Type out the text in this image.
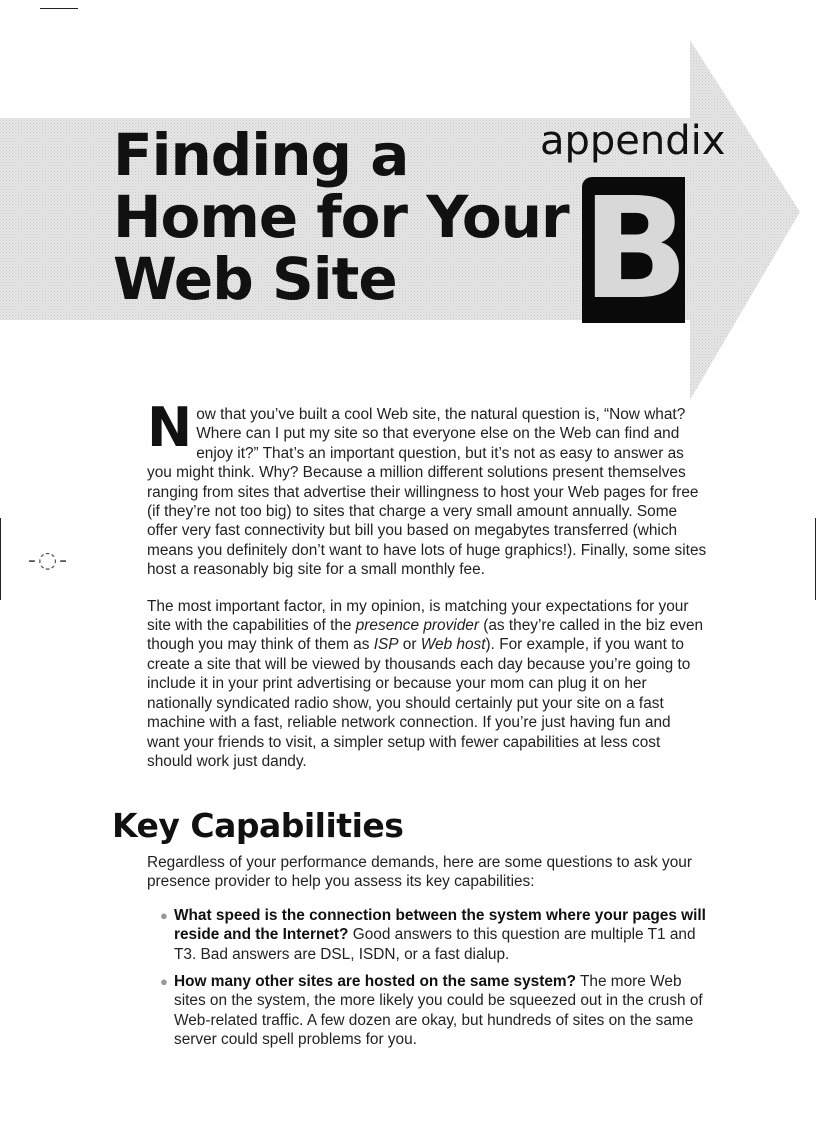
-◌-
Finding a
Home for Your
Web Site
appendix
B

Now that you’ve built a cool Web site, the natural question is, “Now what? Where can I put my site so that everyone else on the Web can find and enjoy it?” That’s an important question, but it’s not as easy to answer as you might think. Why? Because a million different solutions present themselves ranging from sites that advertise their willingness to host your Web pages for free (if they’re not too big) to sites that charge a very small amount annually. Some offer very fast connectivity but bill you based on megabytes transferred (which means you definitely don’t want to have lots of huge graphics!). Finally, some sites host a reasonably big site for a small monthly fee.

The most important factor, in my opinion, is matching your expectations for your site with the capabilities of the presence provider (as they’re called in the biz even though you may think of them as ISP or Web host). For example, if you want to create a site that will be viewed by thousands each day because you’re going to include it in your print advertising or because your mom can plug it on her nationally syndicated radio show, you should certainly put your site on a fast machine with a fast, reliable network connection. If you’re just having fun and want your friends to visit, a simpler setup with fewer capabilities at less cost should work just dandy.

Key Capabilities

Regardless of your performance demands, here are some questions to ask your presence provider to help you assess its key capabilities:

● What speed is the connection between the system where your pages will reside and the Internet? Good answers to this question are multiple T1 and T3. Bad answers are DSL, ISDN, or a fast dialup.
● How many other sites are hosted on the same system? The more Web sites on the system, the more likely you could be squeezed out in the crush of Web-related traffic. A few dozen are okay, but hundreds of sites on the same server could spell problems for you.
